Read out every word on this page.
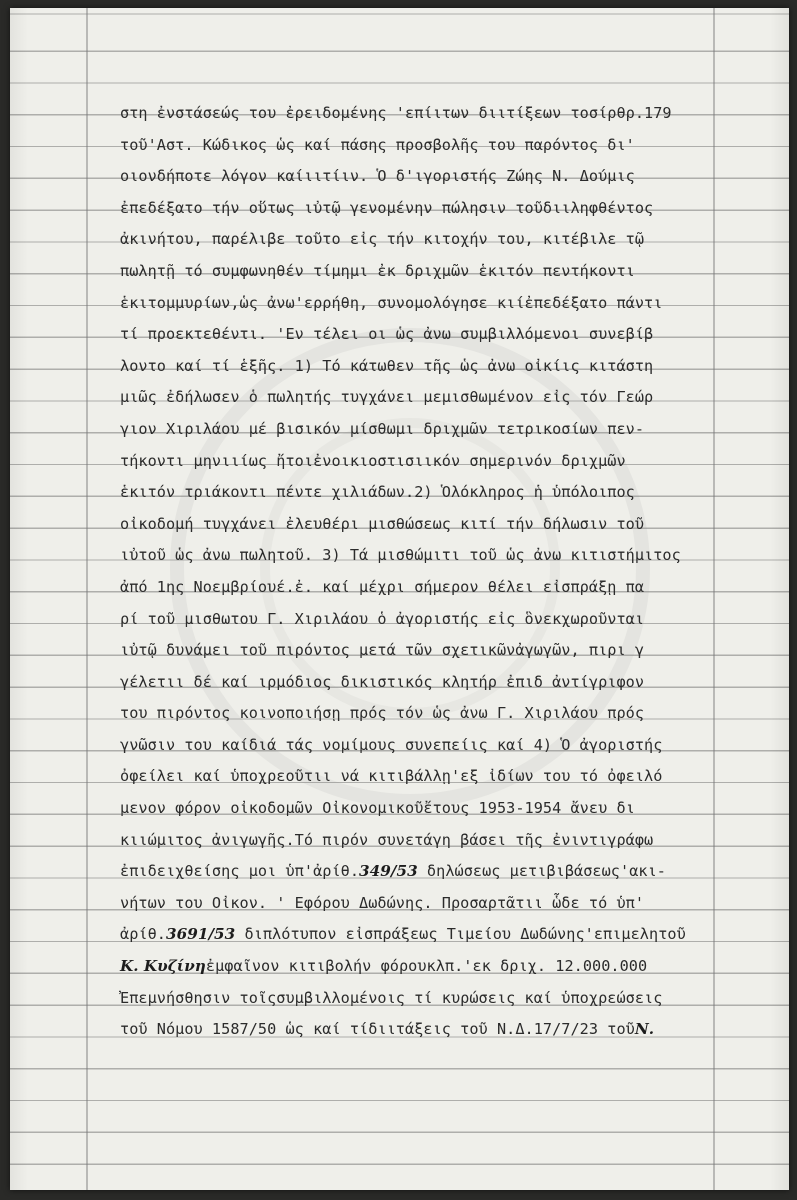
στη ἐνστάσεώς του ἐρειδομένης 'επίιτων διιτίξεων τοσίρθρ.179
τοῦ'Αστ. Κώδικος ὡς καί πάσης προσβολῆς του παρόντος δι'
οιονδήποτε λόγον καίιιτίιν. Ὁ δ'ιγοριστής Ζώης Ν. Δούμις
ἐπεδέξατο τήν οὕτως ιὐτῷ γενομένην πώλησιν τοῦδιιληφθέντος
ἀκινήτου, παρέλιβε τοῦτο εἰς τήν κιτοχήν του, κιτέβιλε τῷ
πωλητῇ τό συμφωνηθέν τίμημι ἐκ δριχμῶν ἑκιτόν πεντήκοντι
ἑκιτομμυρίων,ὡς ἀνω'ερρήθη, συνομολόγησε κιίἐπεδέξατο πάντι
τί προεκτεθέντι. 'Εν τέλει οι ὡς ἀνω συμβιλλόμενοι συνεβίβ
λοντο καί τί ἑξῆς. 1) Τό κάτωθεν τῆς ὡς ἀνω οἰκίις κιτάστη
μιῶς ἐδήλωσεν ὁ πωλητής τυγχάνει μεμισθωμένον εἰς τόν Γεώρ
γιον Χιριλάου μέ βισικόν μίσθωμι δριχμῶν τετρικοσίων πεν-
τήκοντι μηνιιίως ἤτοιἐνοικιοστισιικόν σημερινόν δριχμῶν
ἑκιτόν τριάκοντι πέντε χιλιάδων.2) Ὁλόκληρος ἡ ὑπόλοιπος
οἰκοδομή τυγχάνει ἐλευθέρι μισθώσεως κιτί τήν δήλωσιν τοῦ
ιὐτοῦ ὡς ἀνω πωλητοῦ. 3) Τά μισθώμιτι τοῦ ὡς ἀνω κιτιστήμιτος
ἀπό 1ης Νοεμβρίουέ.ἐ. καί μέχρι σήμερον θέλει εἰσπράξῃ πα
ρί τοῦ μισθωτου Γ. Χιριλάου ὁ ἀγοριστής εἰς ὃνεκχωροῦνται
ιὐτῷ δυνάμει τοῦ πιρόντος μετά τῶν σχετικῶνἀγωγῶν, πιρι γ
γέλετιι δέ καί ιρμόδιος δικιστικός κλητήρ ἐπιδ ἀντίγριφον
του πιρόντος κοινοποιήσῃ πρός τόν ὡς ἀνω Γ. Χιριλάου πρός
γνῶσιν του καίδιά τάς νομίμους συνεπείις καί 4) Ὁ ἀγοριστής
ὀφείλει καί ὑποχρεοῦτιι νά κιτιβάλλῃ'εξ ἰδίων του τό ὀφειλό
μενον φόρον οἰκοδομῶν Οἰκονομικοῦἔτους 1953-1954 ἄνευ δι
κιιώμιτος ἀνιγωγῆς.Τό πιρόν συνετάγη βάσει τῆς ἐνιντιγράφω
ἐπιδειχθείσης μοι ὑπ'ἀρίθ.349/53 δηλώσεως μετιβιβάσεως'ακι-
νήτων του Οἰκον. ' Εφόρου Δωδώνης. Προσαρτᾶτιι ὧδε τό ὑπ'
ἀρίθ.3691/53 διπλότυπον εἰσπράξεως Τιμείου Δωδώνης'επιμελητοῦ
Κ. Κυζίνηἐμφαῖνον κιτιβολήν φόρουκλπ.'εκ δριχ. 12.000.000
Ἐπεμνήσθησιν τοῖςσυμβιλλομένοις τί κυρώσεις καί ὑποχρεώσεις
τοῦ Νόμου 1587/50 ὡς καί τίδιιτάξεις τοῦ Ν.Δ.17/7/23 τοῦΝ.
